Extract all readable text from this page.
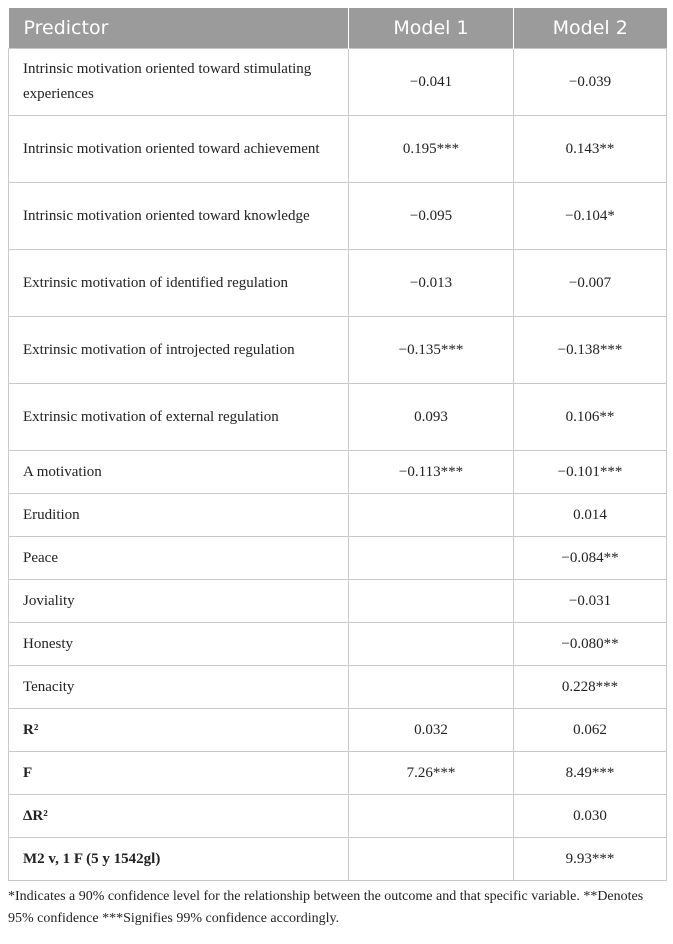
Predictor	Model 1	Model 2
Intrinsic motivation oriented toward stimulating experiences	−0.041	−0.039
Intrinsic motivation oriented toward achievement	0.195***	0.143**
Intrinsic motivation oriented toward knowledge	−0.095	−0.104*
Extrinsic motivation of identified regulation	−0.013	−0.007
Extrinsic motivation of introjected regulation	−0.135***	−0.138***
Extrinsic motivation of external regulation	0.093	0.106**
A motivation	−0.113***	−0.101***
Erudition		0.014
Peace		−0.084**
Joviality		−0.031
Honesty		−0.080**
Tenacity		0.228***
R²	0.032	0.062
F	7.26***	8.49***
ΔR²		0.030
M2 v, 1 F (5 y 1542gl)		9.93***
*Indicates a 90% confidence level for the relationship between the outcome and that specific variable. **Denotes 95% confidence ***Signifies 99% confidence accordingly.
